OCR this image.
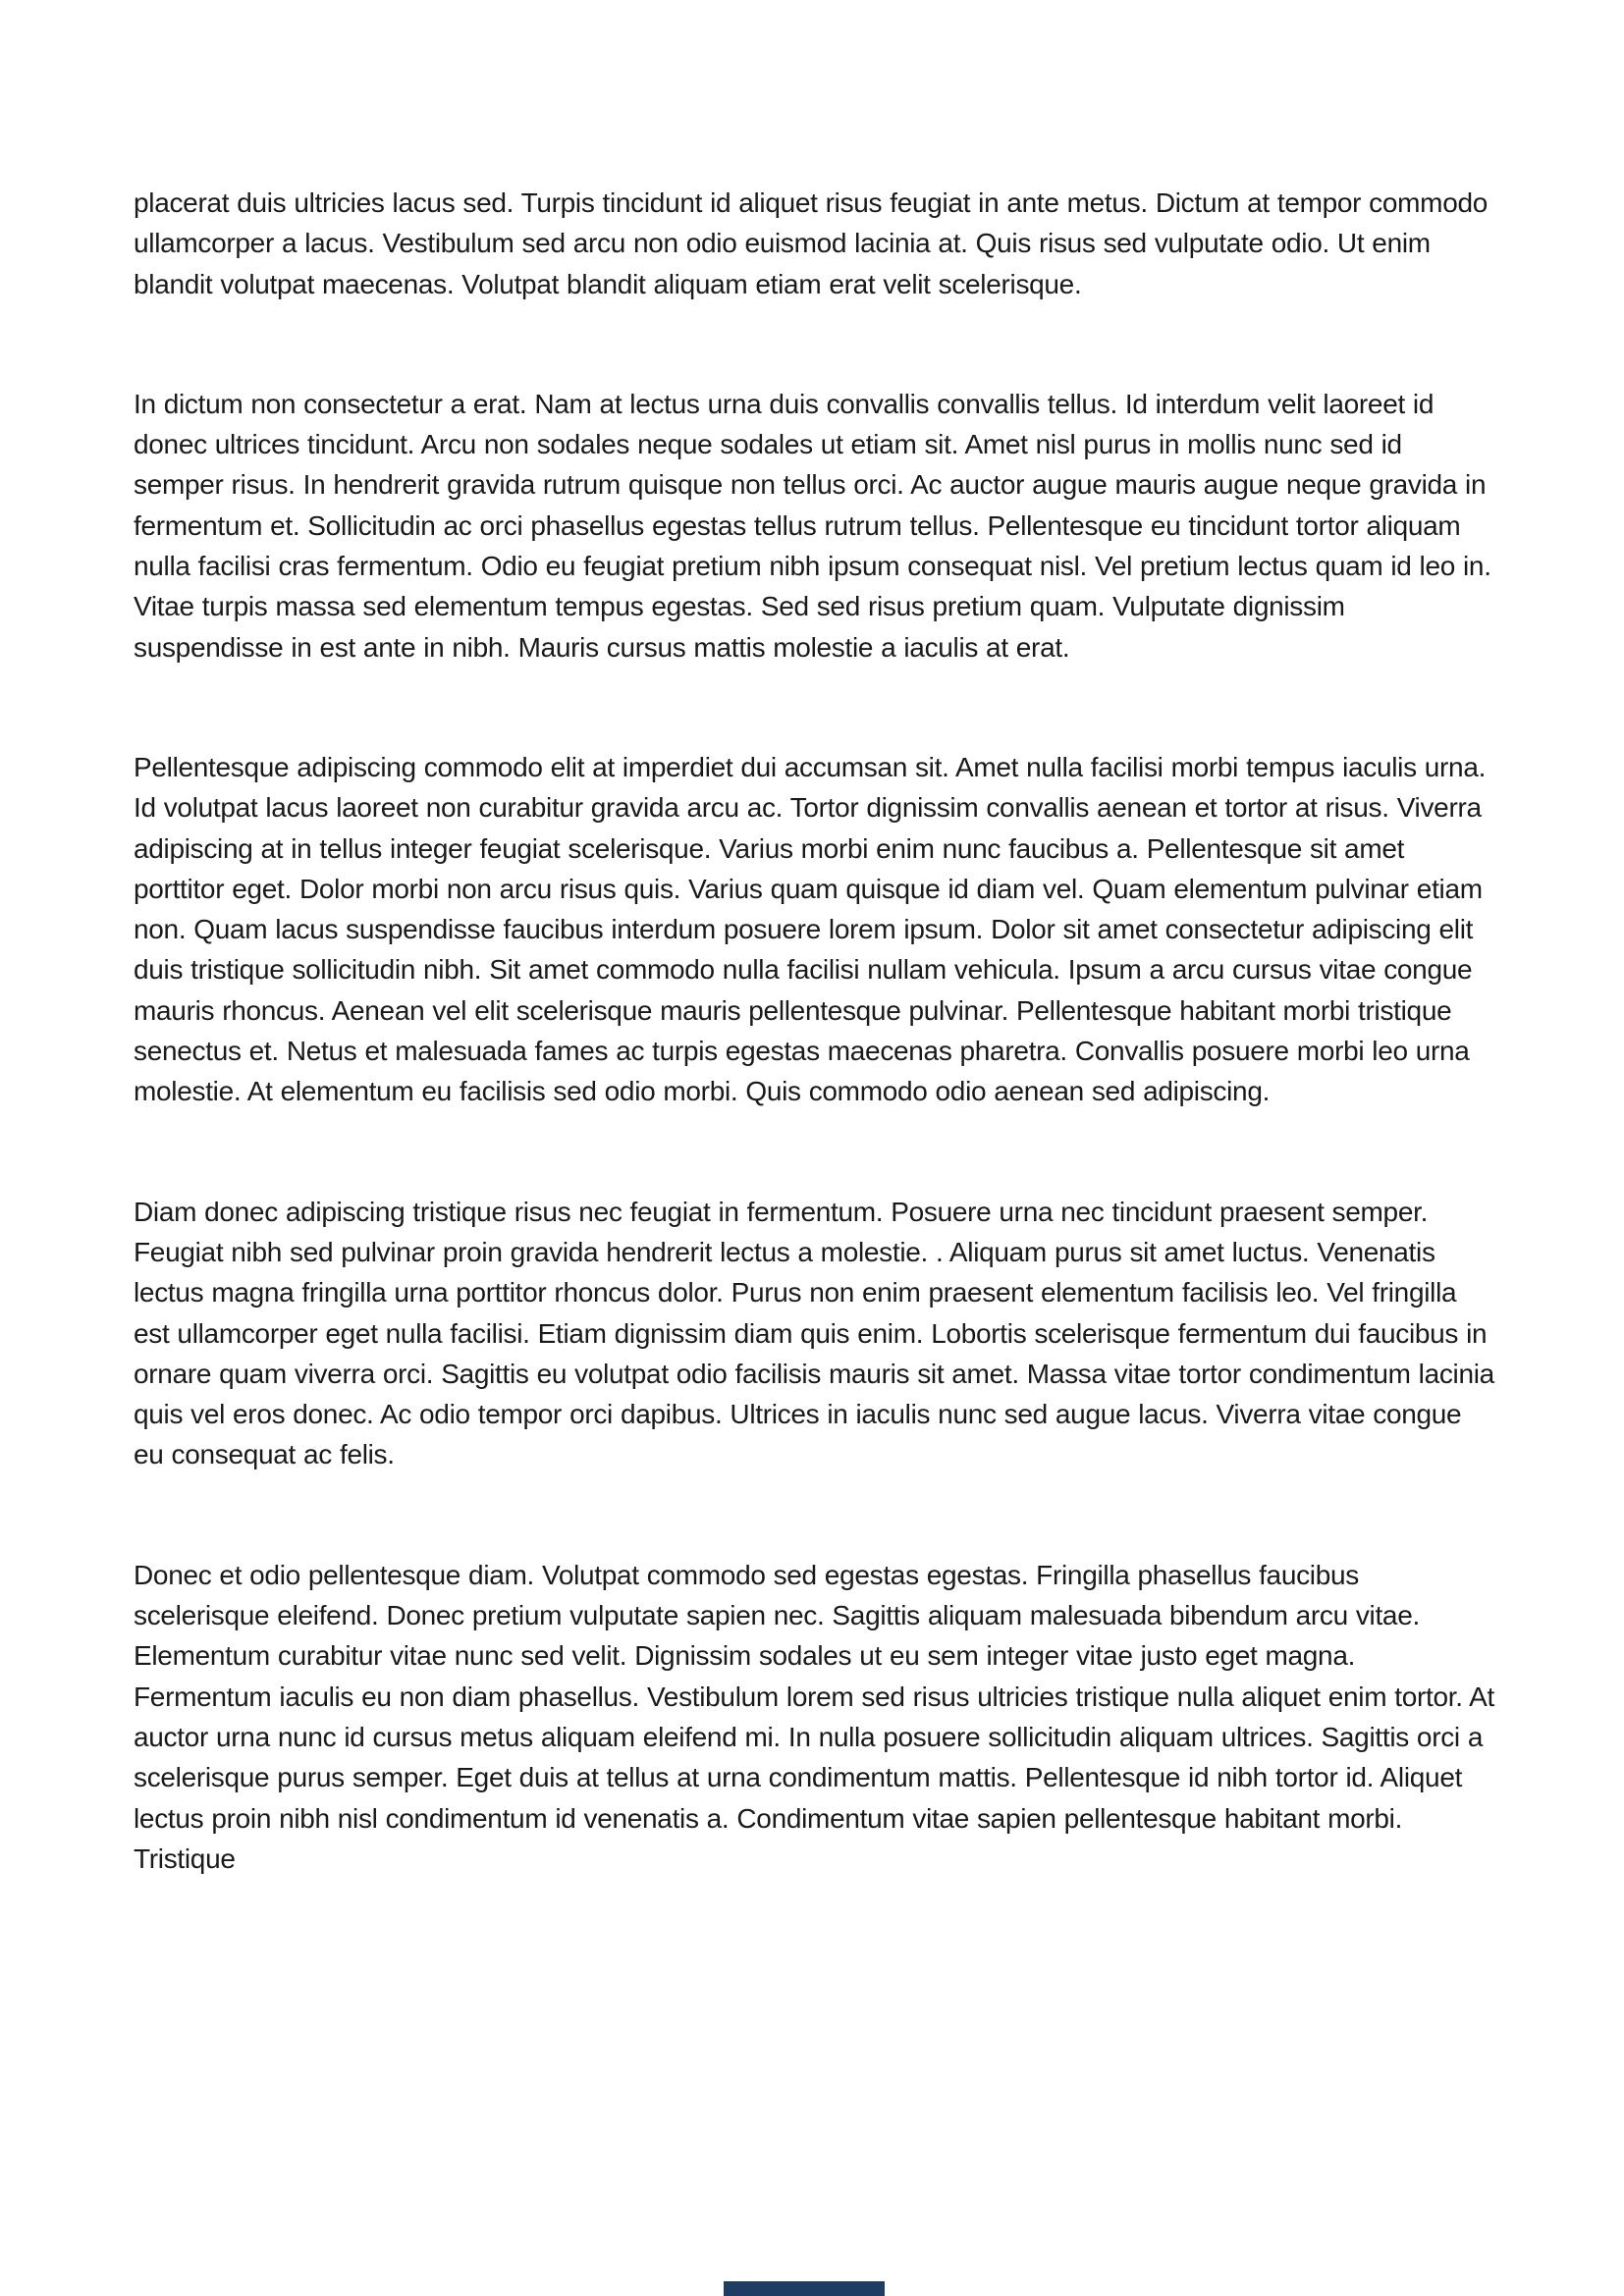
placerat duis ultricies lacus sed. Turpis tincidunt id aliquet risus feugiat in ante metus. Dictum at tempor commodo ullamcorper a lacus. Vestibulum sed arcu non odio euismod lacinia at. Quis risus sed vulputate odio. Ut enim blandit volutpat maecenas. Volutpat blandit aliquam etiam erat velit scelerisque.

In dictum non consectetur a erat. Nam at lectus urna duis convallis convallis tellus. Id interdum velit laoreet id donec ultrices tincidunt. Arcu non sodales neque sodales ut etiam sit. Amet nisl purus in mollis nunc sed id semper risus. In hendrerit gravida rutrum quisque non tellus orci. Ac auctor augue mauris augue neque gravida in fermentum et. Sollicitudin ac orci phasellus egestas tellus rutrum tellus. Pellentesque eu tincidunt tortor aliquam nulla facilisi cras fermentum. Odio eu feugiat pretium nibh ipsum consequat nisl. Vel pretium lectus quam id leo in. Vitae turpis massa sed elementum tempus egestas. Sed sed risus pretium quam. Vulputate dignissim suspendisse in est ante in nibh. Mauris cursus mattis molestie a iaculis at erat.

Pellentesque adipiscing commodo elit at imperdiet dui accumsan sit. Amet nulla facilisi morbi tempus iaculis urna. Id volutpat lacus laoreet non curabitur gravida arcu ac. Tortor dignissim convallis aenean et tortor at risus. Viverra adipiscing at in tellus integer feugiat scelerisque. Varius morbi enim nunc faucibus a. Pellentesque sit amet porttitor eget. Dolor morbi non arcu risus quis. Varius quam quisque id diam vel. Quam elementum pulvinar etiam non. Quam lacus suspendisse faucibus interdum posuere lorem ipsum. Dolor sit amet consectetur adipiscing elit duis tristique sollicitudin nibh. Sit amet commodo nulla facilisi nullam vehicula. Ipsum a arcu cursus vitae congue mauris rhoncus. Aenean vel elit scelerisque mauris pellentesque pulvinar. Pellentesque habitant morbi tristique senectus et. Netus et malesuada fames ac turpis egestas maecenas pharetra. Convallis posuere morbi leo urna molestie. At elementum eu facilisis sed odio morbi. Quis commodo odio aenean sed adipiscing.

Diam donec adipiscing tristique risus nec feugiat in fermentum. Posuere urna nec tincidunt praesent semper. Feugiat nibh sed pulvinar proin gravida hendrerit lectus a molestie. . Aliquam purus sit amet luctus. Venenatis lectus magna fringilla urna porttitor rhoncus dolor. Purus non enim praesent elementum facilisis leo. Vel fringilla est ullamcorper eget nulla facilisi. Etiam dignissim diam quis enim. Lobortis scelerisque fermentum dui faucibus in ornare quam viverra orci. Sagittis eu volutpat odio facilisis mauris sit amet. Massa vitae tortor condimentum lacinia quis vel eros donec. Ac odio tempor orci dapibus. Ultrices in iaculis nunc sed augue lacus. Viverra vitae congue eu consequat ac felis.

Donec et odio pellentesque diam. Volutpat commodo sed egestas egestas. Fringilla phasellus faucibus scelerisque eleifend. Donec pretium vulputate sapien nec. Sagittis aliquam malesuada bibendum arcu vitae. Elementum curabitur vitae nunc sed velit. Dignissim sodales ut eu sem integer vitae justo eget magna. Fermentum iaculis eu non diam phasellus. Vestibulum lorem sed risus ultricies tristique nulla aliquet enim tortor. At auctor urna nunc id cursus metus aliquam eleifend mi. In nulla posuere sollicitudin aliquam ultrices. Sagittis orci a scelerisque purus semper. Eget duis at tellus at urna condimentum mattis. Pellentesque id nibh tortor id. Aliquet lectus proin nibh nisl condimentum id venenatis a. Condimentum vitae sapien pellentesque habitant morbi. Tristique
